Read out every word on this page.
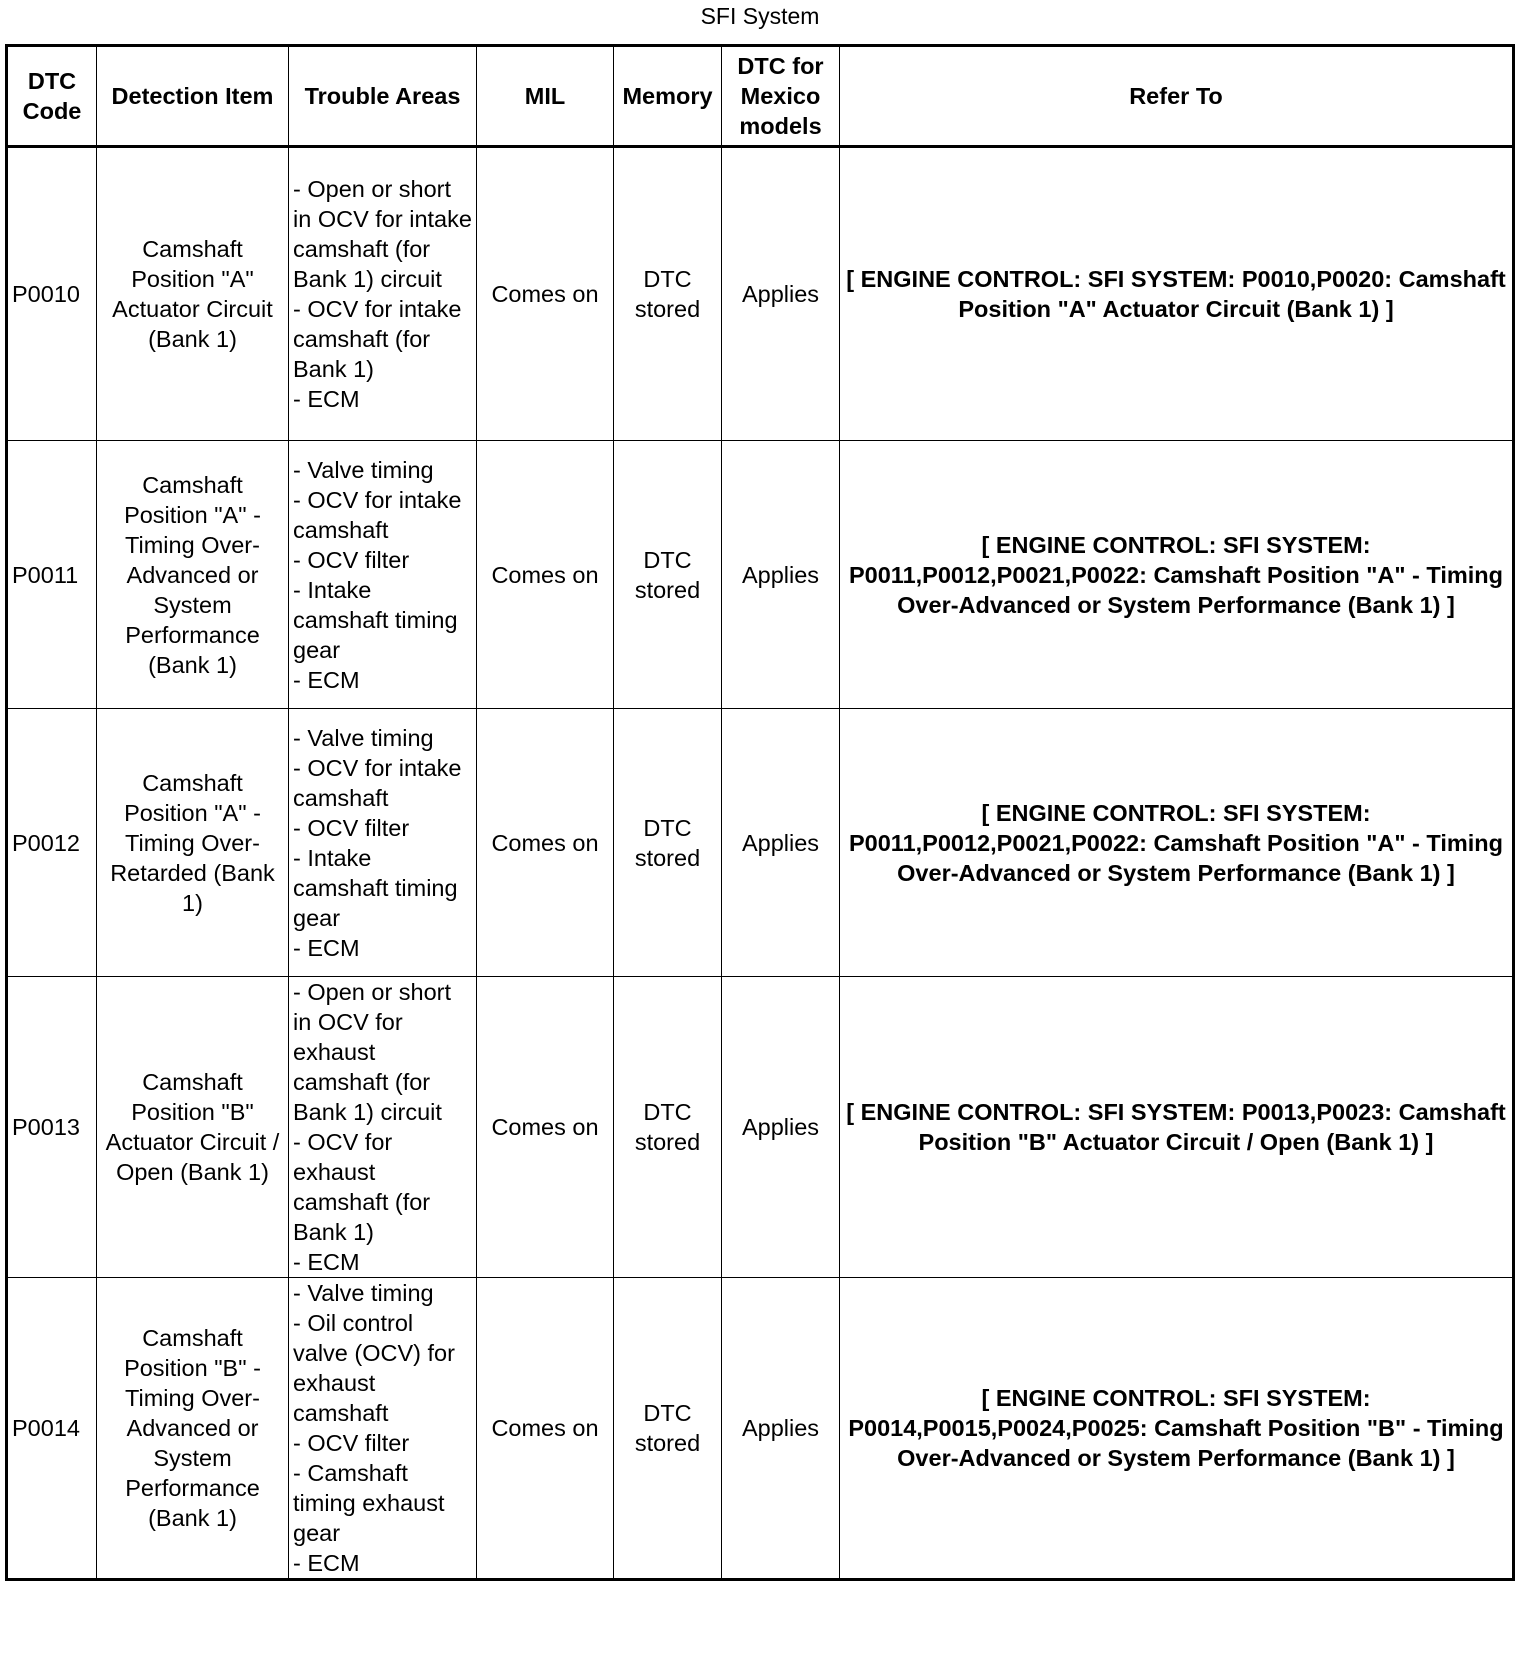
SFI System
DTC Code	Detection Item	Trouble Areas	MIL	Memory	DTC for Mexico models	Refer To
P0010	Camshaft Position "A" Actuator Circuit (Bank 1)	- Open or short in OCV for intake camshaft (for Bank 1) circuit
- OCV for intake camshaft (for Bank 1)
- ECM	Comes on	DTC stored	Applies	[ ENGINE CONTROL: SFI SYSTEM: P0010,P0020: Camshaft Position "A" Actuator Circuit (Bank 1) ]
P0011	Camshaft Position "A" - Timing Over-Advanced or System Performance (Bank 1)	- Valve timing
- OCV for intake camshaft
- OCV filter
- Intake camshaft timing gear
- ECM	Comes on	DTC stored	Applies	[ ENGINE CONTROL: SFI SYSTEM: P0011,P0012,P0021,P0022: Camshaft Position "A" - Timing Over-Advanced or System Performance (Bank 1) ]
P0012	Camshaft Position "A" - Timing Over-Retarded (Bank 1)	- Valve timing
- OCV for intake camshaft
- OCV filter
- Intake camshaft timing gear
- ECM	Comes on	DTC stored	Applies	[ ENGINE CONTROL: SFI SYSTEM: P0011,P0012,P0021,P0022: Camshaft Position "A" - Timing Over-Advanced or System Performance (Bank 1) ]
P0013	Camshaft Position "B" Actuator Circuit / Open (Bank 1)	- Open or short in OCV for exhaust camshaft (for Bank 1) circuit
- OCV for exhaust camshaft (for Bank 1)
- ECM	Comes on	DTC stored	Applies	[ ENGINE CONTROL: SFI SYSTEM: P0013,P0023: Camshaft Position "B" Actuator Circuit / Open (Bank 1) ]
P0014	Camshaft Position "B" - Timing Over-Advanced or System Performance (Bank 1)	- Valve timing
- Oil control valve (OCV) for exhaust camshaft
- OCV filter
- Camshaft timing exhaust gear
- ECM	Comes on	DTC stored	Applies	[ ENGINE CONTROL: SFI SYSTEM: P0014,P0015,P0024,P0025: Camshaft Position "B" - Timing Over-Advanced or System Performance (Bank 1) ]
